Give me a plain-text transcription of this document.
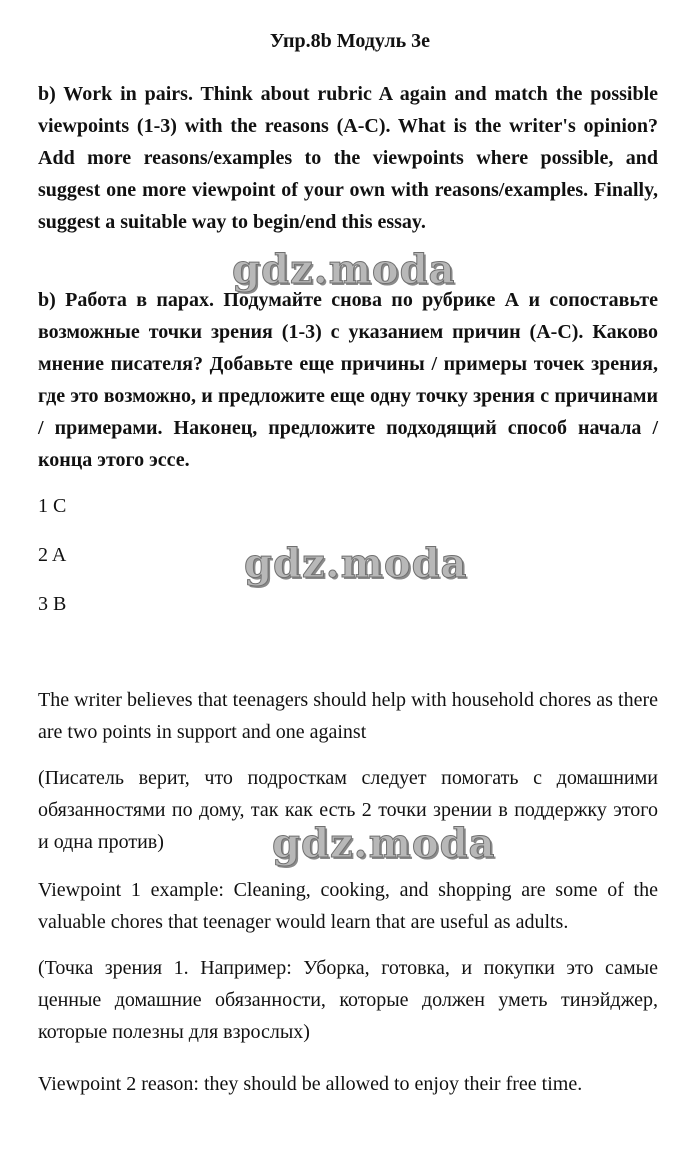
Упр.8b Модуль 3e

b) Work in pairs. Think about rubric A again and match the possible viewpoints (1-3) with the reasons (A-C). What is the writer's opinion? Add more reasons/examples to the viewpoints where possible, and suggest one more viewpoint of your own with reasons/examples. Finally, suggest a suitable way to begin/end this essay.

gdz.moda

b) Работа в парах. Подумайте снова по рубрике А и сопоставьте возможные точки зрения (1-3) с указанием причин (A-C). Каково мнение писателя? Добавьте еще причины / примеры точек зрения, где это возможно, и предложите еще одну точку зрения с причинами / примерами. Наконец, предложите подходящий способ начала / конца этого эссе.

1 C
2 A	gdz.moda
3 B

The writer believes that teenagers should help with household chores as there are two points in support and one against

(Писатель верит, что подросткам следует помогать с домашними обязанностями по дому, так как есть 2 точки зрении в поддержку этого и одна против)	gdz.moda

Viewpoint 1 example: Cleaning, cooking, and shopping are some of the valuable chores that teenager would learn that are useful as adults.

(Точка зрения 1. Например: Уборка, готовка, и покупки это самые ценные домашние обязанности, которые должен уметь тинэйджер, которые полезны для взрослых)

Viewpoint 2 reason: they should be allowed to enjoy their free time.
